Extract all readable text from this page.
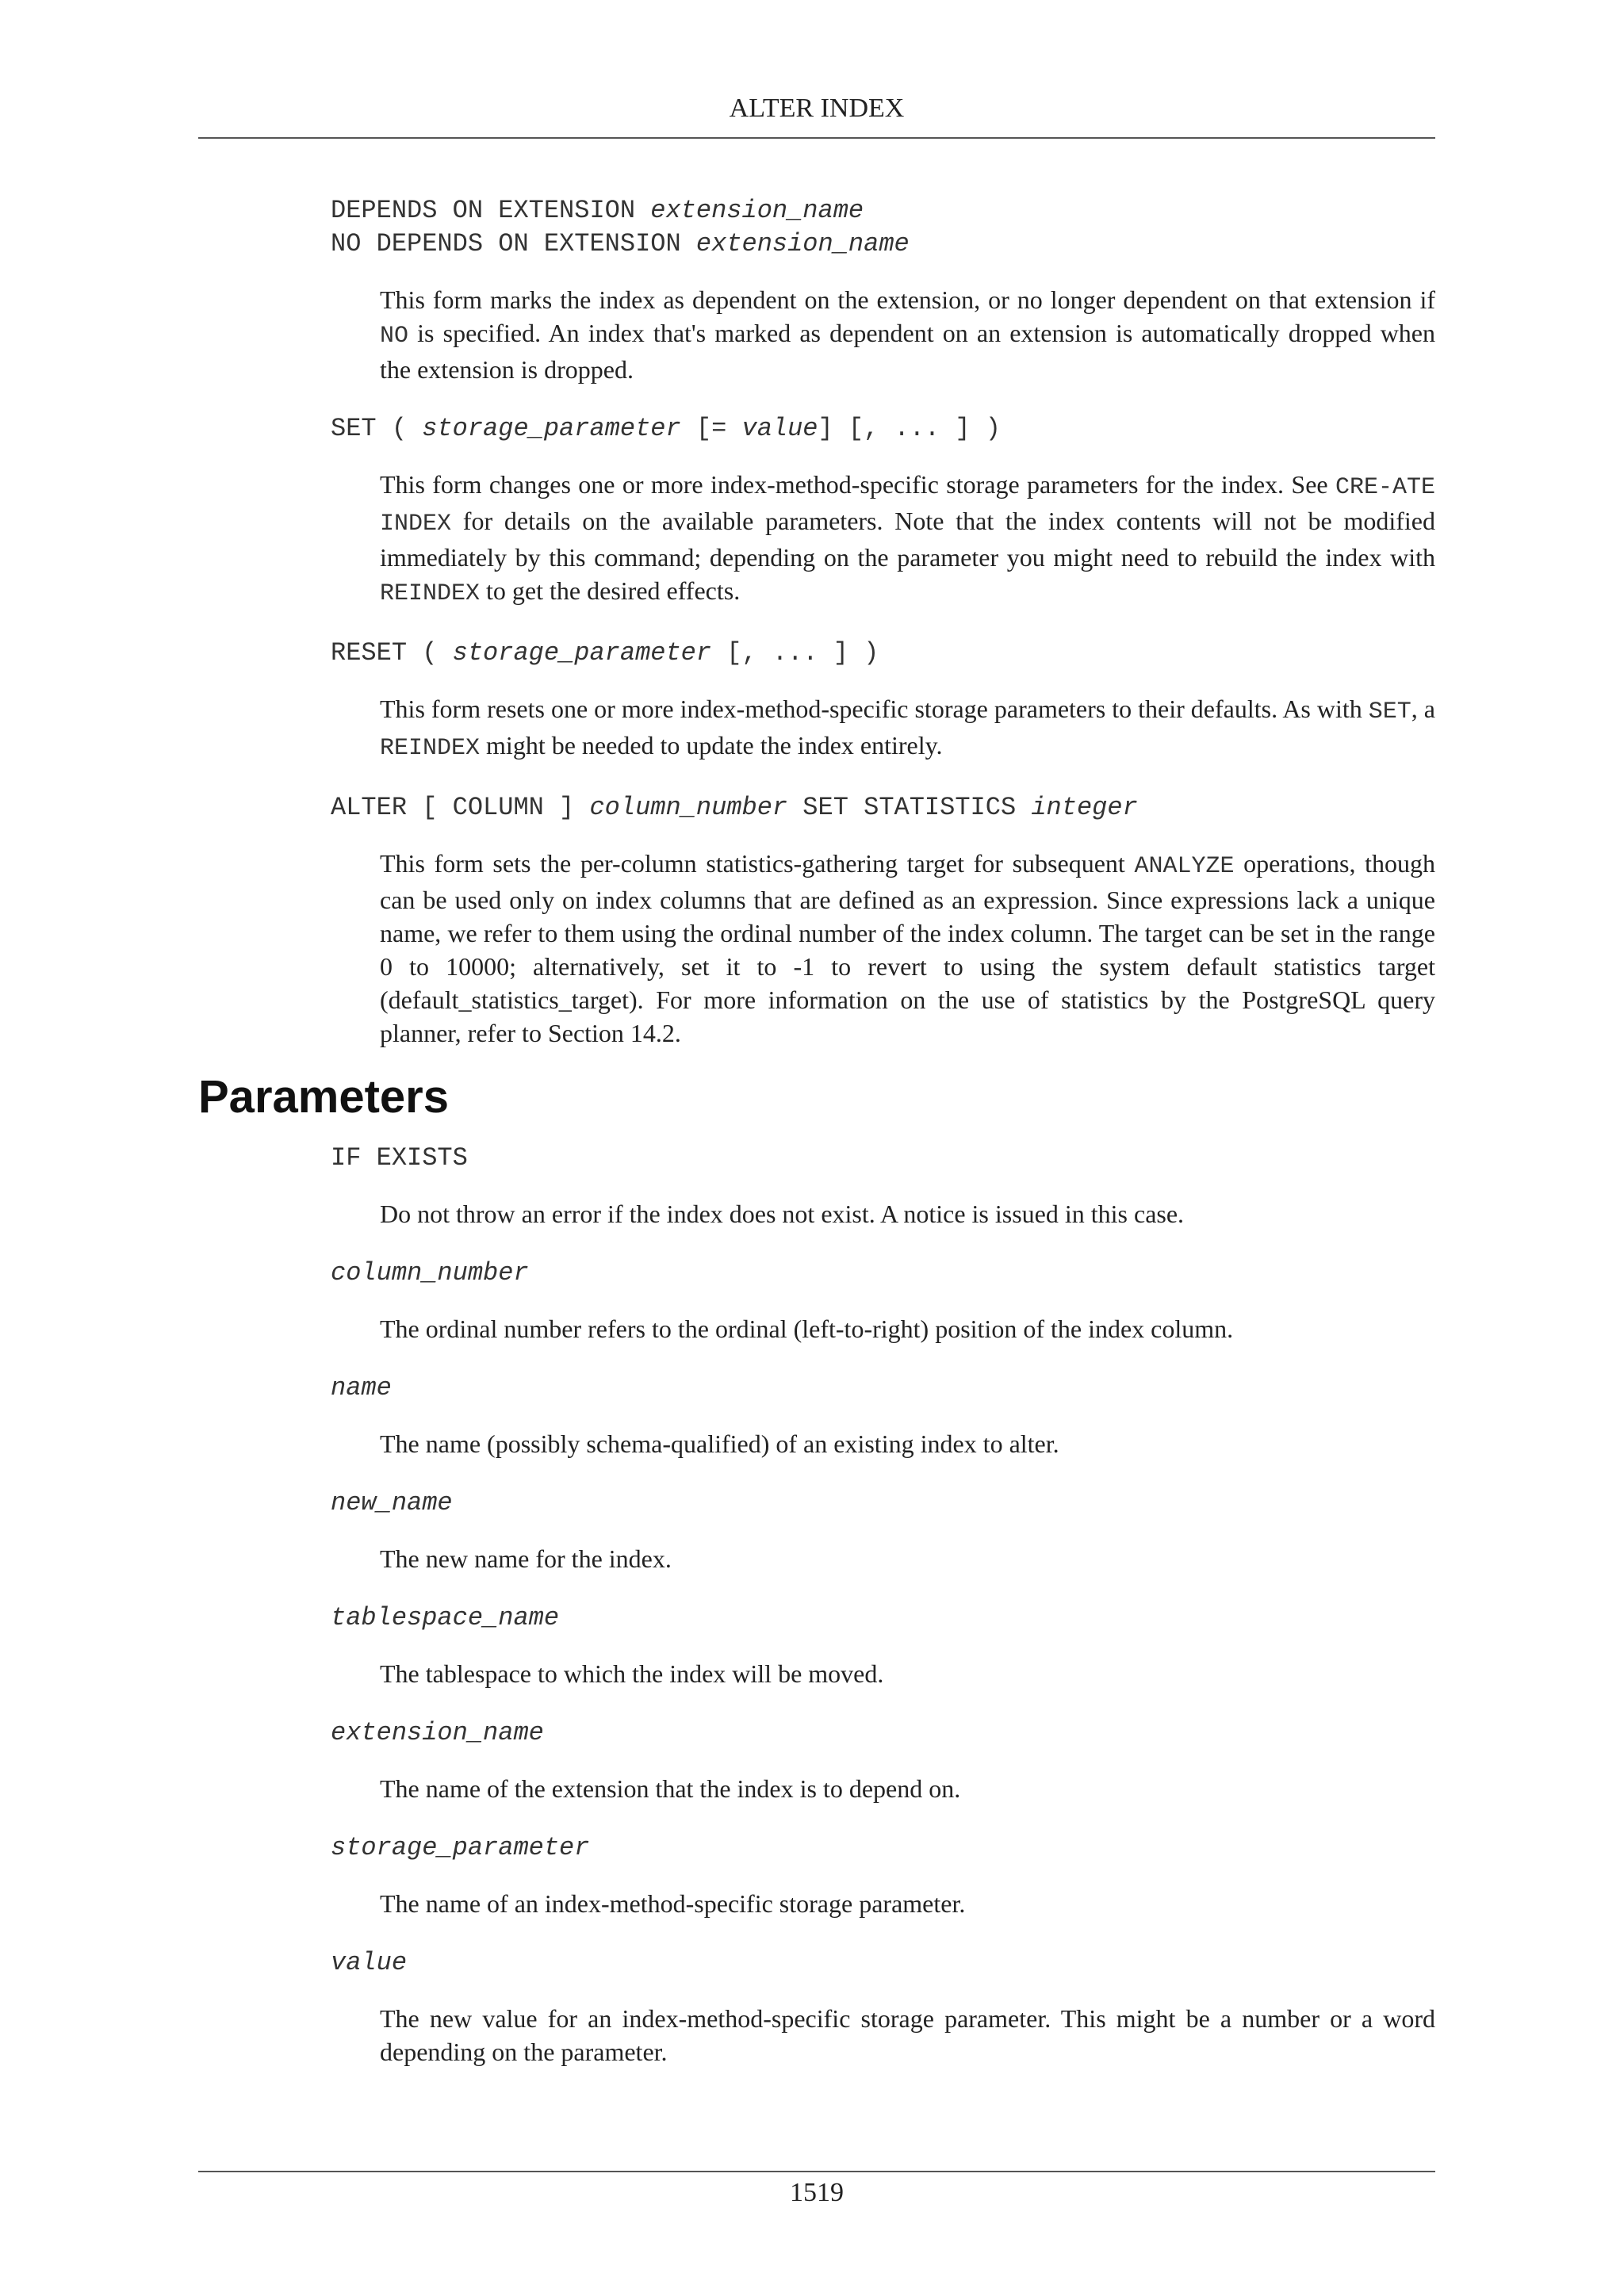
ALTER INDEX
DEPENDS ON EXTENSION extension_name
NO DEPENDS ON EXTENSION extension_name
This form marks the index as dependent on the extension, or no longer dependent on that extension if NO is specified. An index that's marked as dependent on an extension is automatically dropped when the extension is dropped.
SET ( storage_parameter [= value] [, ... ] )
This form changes one or more index-method-specific storage parameters for the index. See CRE-ATE INDEX for details on the available parameters. Note that the index contents will not be modified immediately by this command; depending on the parameter you might need to rebuild the index with REINDEX to get the desired effects.
RESET ( storage_parameter [, ... ] )
This form resets one or more index-method-specific storage parameters to their defaults. As with SET, a REINDEX might be needed to update the index entirely.
ALTER [ COLUMN ] column_number SET STATISTICS integer
This form sets the per-column statistics-gathering target for subsequent ANALYZE operations, though can be used only on index columns that are defined as an expression. Since expressions lack a unique name, we refer to them using the ordinal number of the index column. The target can be set in the range 0 to 10000; alternatively, set it to -1 to revert to using the system default statistics target (default_statistics_target). For more information on the use of statistics by the PostgreSQL query planner, refer to Section 14.2.
Parameters
IF EXISTS
Do not throw an error if the index does not exist. A notice is issued in this case.
column_number
The ordinal number refers to the ordinal (left-to-right) position of the index column.
name
The name (possibly schema-qualified) of an existing index to alter.
new_name
The new name for the index.
tablespace_name
The tablespace to which the index will be moved.
extension_name
The name of the extension that the index is to depend on.
storage_parameter
The name of an index-method-specific storage parameter.
value
The new value for an index-method-specific storage parameter. This might be a number or a word depending on the parameter.
1519
